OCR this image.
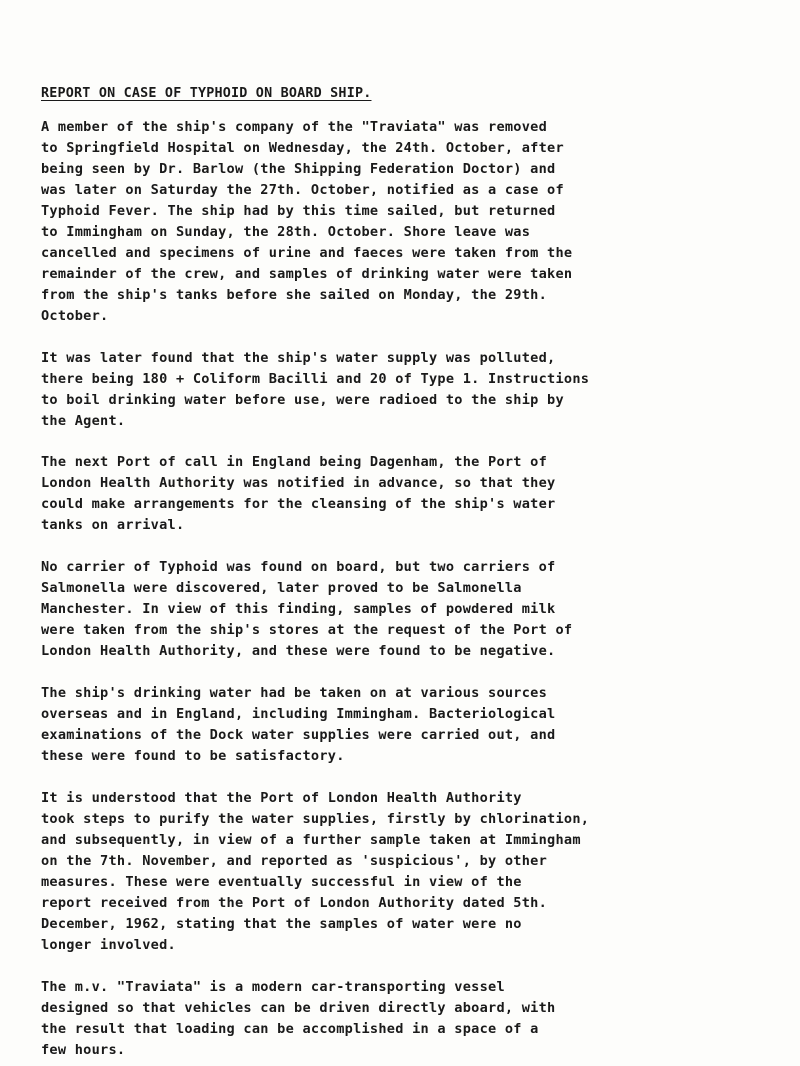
REPORT ON CASE OF TYPHOID ON BOARD SHIP.
A member of the ship's company of the "Traviata" was removed
to Springfield Hospital on Wednesday, the 24th. October, after
being seen by Dr. Barlow (the Shipping Federation Doctor) and
was later on Saturday the 27th. October, notified as a case of
Typhoid Fever. The ship had by this time sailed, but returned
to Immingham on Sunday, the 28th. October. Shore leave was
cancelled and specimens of urine and faeces were taken from the
remainder of the crew, and samples of drinking water were taken
from the ship's tanks before she sailed on Monday, the 29th.
October.
It was later found that the ship's water supply was polluted,
there being 180 + Coliform Bacilli and 20 of Type 1. Instructions
to boil drinking water before use, were radioed to the ship by
the Agent.
The next Port of call in England being Dagenham, the Port of
London Health Authority was notified in advance, so that they
could make arrangements for the cleansing of the ship's water
tanks on arrival.
No carrier of Typhoid was found on board, but two carriers of
Salmonella were discovered, later proved to be Salmonella
Manchester. In view of this finding, samples of powdered milk
were taken from the ship's stores at the request of the Port of
London Health Authority, and these were found to be negative.
The ship's drinking water had be taken on at various sources
overseas and in England, including Immingham. Bacteriological
examinations of the Dock water supplies were carried out, and
these were found to be satisfactory.
It is understood that the Port of London Health Authority
took steps to purify the water supplies, firstly by chlorination,
and subsequently, in view of a further sample taken at Immingham
on the 7th. November, and reported as 'suspicious', by other
measures. These were eventually successful in view of the
report received from the Port of London Authority dated 5th.
December, 1962, stating that the samples of water were no
longer involved.
The m.v. "Traviata" is a modern car-transporting vessel
designed so that vehicles can be driven directly aboard, with
the result that loading can be accomplished in a space of a
few hours.
